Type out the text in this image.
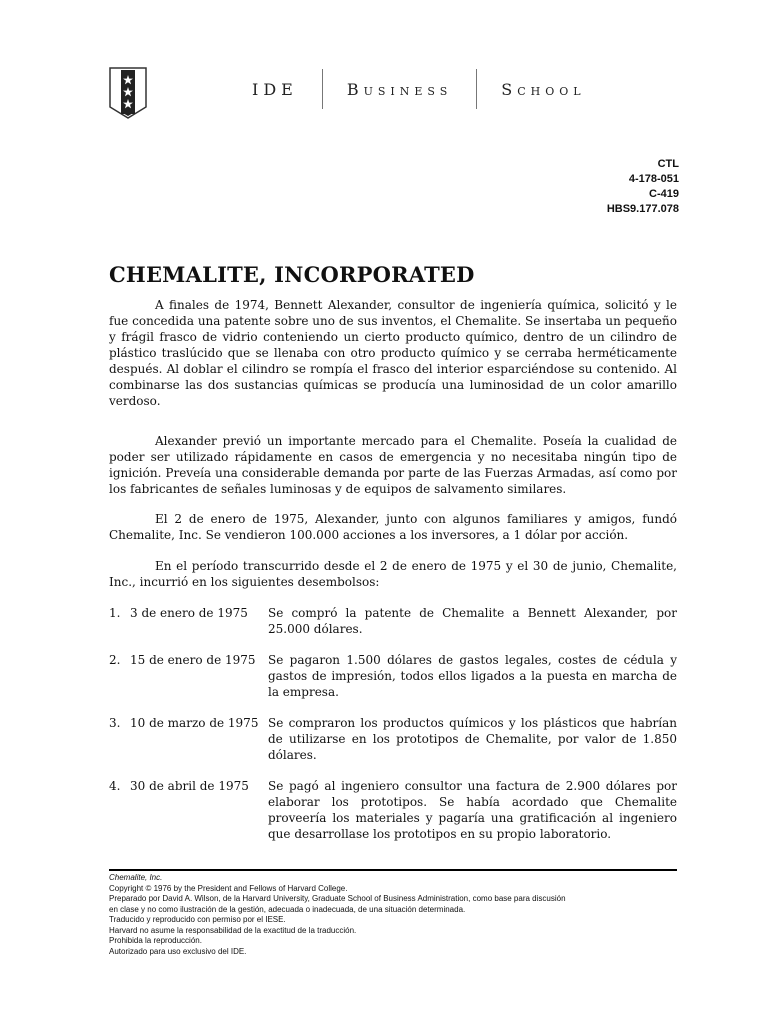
IDE	Business	School
CTL
4-178-051
C-419
HBS9.177.078
CHEMALITE, INCORPORATED

A finales de 1974, Bennett Alexander, consultor de ingeniería química, solicitó y le fue concedida una patente sobre uno de sus inventos, el Chemalite. Se insertaba un pequeño y frágil frasco de vidrio conteniendo un cierto producto químico, dentro de un cilindro de plástico traslúcido que se llenaba con otro producto químico y se cerraba herméticamente después. Al doblar el cilindro se rompía el frasco del interior esparciéndose su contenido. Al combinarse las dos sustancias químicas se producía una luminosidad de un color amarillo verdoso.

Alexander previó un importante mercado para el Chemalite. Poseía la cualidad de poder ser utilizado rápidamente en casos de emergencia y no necesitaba ningún tipo de ignición. Preveía una considerable demanda por parte de las Fuerzas Armadas, así como por los fabricantes de señales luminosas y de equipos de salvamento similares.

El 2 de enero de 1975, Alexander, junto con algunos familiares y amigos, fundó Chemalite, Inc. Se vendieron 100.000 acciones a los inversores, a 1 dólar por acción.

En el período transcurrido desde el 2 de enero de 1975 y el 30 de junio, Chemalite, Inc., incurrió en los siguientes desembolsos:

1. 3 de enero de 1975	Se compró la patente de Chemalite a Bennett Alexander, por 25.000 dólares.
2. 15 de enero de 1975	Se pagaron 1.500 dólares de gastos legales, costes de cédula y gastos de impresión, todos ellos ligados a la puesta en marcha de la empresa.
3. 10 de marzo de 1975 Se compraron los productos químicos y los plásticos que habrían de utilizarse en los prototipos de Chemalite, por valor de 1.850 dólares.
4. 30 de abril de 1975	Se pagó al ingeniero consultor una factura de 2.900 dólares por elaborar los prototipos. Se había acordado que Chemalite proveería los materiales y pagaría una gratificación al ingeniero que desarrollase los prototipos en su propio laboratorio.
Chemalite, Inc.
Copyright © 1976 by the President and Fellows of Harvard College.
Preparado por David A. Wilson, de la Harvard University, Graduate School of Business Administration, como base para discusión
en clase y no como ilustración de la gestión, adecuada o inadecuada, de una situación determinada.
Traducido y reproducido con permiso por el IESE.
Harvard no asume la responsabilidad de la exactitud de la traducción.
Prohibida la reproducción.
Autorizado para uso exclusivo del IDE.
